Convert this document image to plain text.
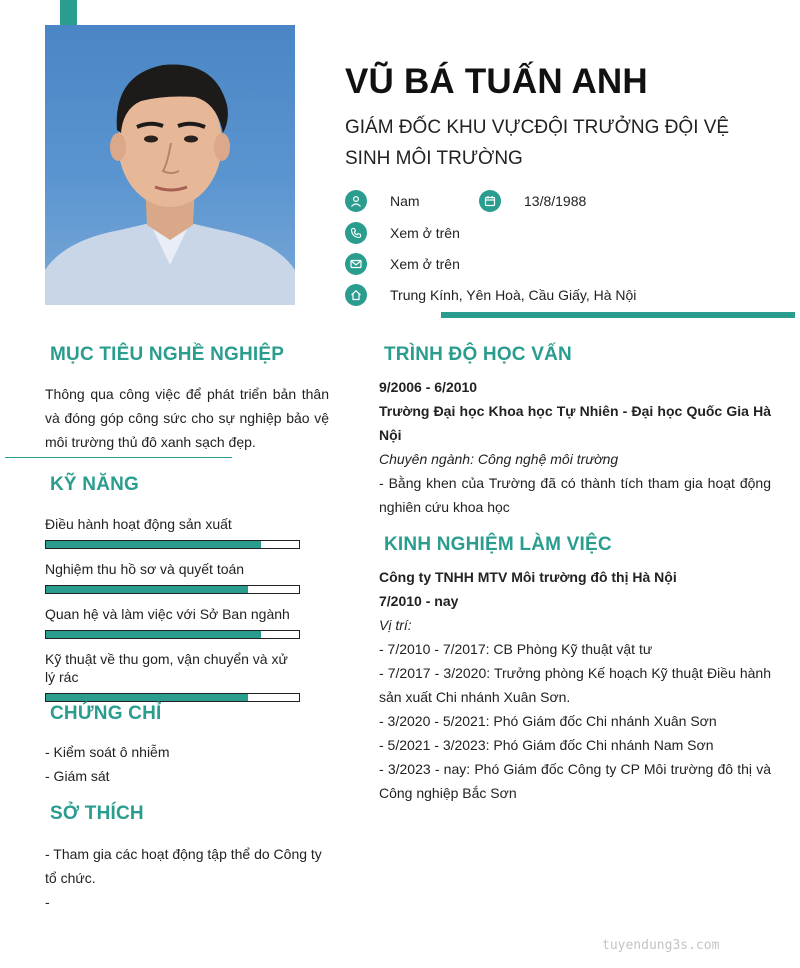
VŨ BÁ TUẤN ANH
GIÁM ĐỐC KHU VỰCĐỘI TRƯỞNG ĐỘI VỆ SINH MÔI TRƯỜNG
Nam	13/8/1988
Xem ở trên
Xem ở trên
Trung Kính, Yên Hoà, Cầu Giấy, Hà Nội
MỤC TIÊU NGHỀ NGHIỆP
Thông qua công việc để phát triển bản thân và đóng góp công sức cho sự nghiệp bảo vệ môi trường thủ đô xanh sạch đẹp.
KỸ NĂNG
Điều hành hoạt động sản xuất
Nghiệm thu hồ sơ và quyết toán
Quan hệ và làm việc với Sở Ban ngành
Kỹ thuật về thu gom, vận chuyển và xử lý rác
CHỨNG CHỈ
- Kiểm soát ô nhiễm
- Giám sát
SỞ THÍCH
- Tham gia các hoạt động tập thể do Công ty tổ chức.
-
TRÌNH ĐỘ HỌC VẤN
9/2006 - 6/2010
Trường Đại học Khoa học Tự Nhiên - Đại học Quốc Gia Hà Nội
Chuyên ngành: Công nghệ môi trường
- Bằng khen của Trường đã có thành tích tham gia hoạt động nghiên cứu khoa học
KINH NGHIỆM LÀM VIỆC
Công ty TNHH MTV Môi trường đô thị Hà Nội
7/2010 - nay
Vị trí:
- 7/2010 - 7/2017: CB Phòng Kỹ thuật vật tư
- 7/2017 - 3/2020: Trưởng phòng Kế hoạch Kỹ thuật Điều hành sản xuất Chi nhánh Xuân Sơn.
- 3/2020 - 5/2021: Phó Giám đốc Chi nhánh Xuân Sơn
- 5/2021 - 3/2023: Phó Giám đốc Chi nhánh Nam Sơn
- 3/2023 - nay: Phó Giám đốc Công ty CP Môi trường đô thị và Công nghiệp Bắc Sơn
tuyendung3s.com
